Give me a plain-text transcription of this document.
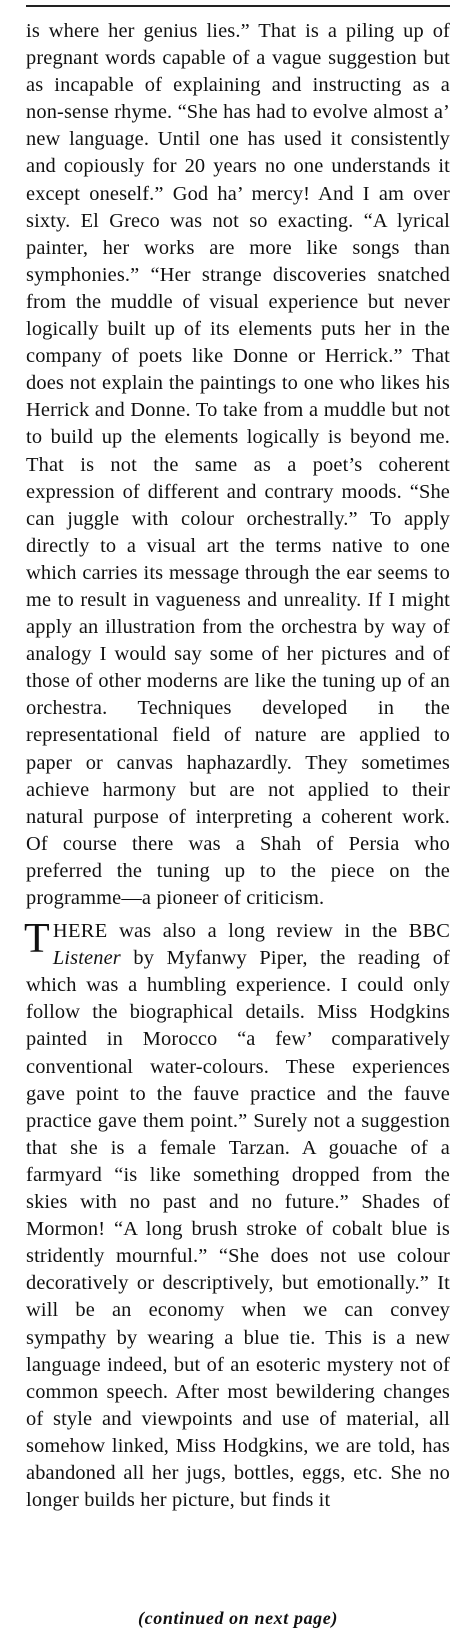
is where her genius lies.” That is a piling up of pregnant words capable of a vague suggestion but as incapable of explaining and instructing as a non-sense rhyme. “She has had to evolve almost a’ new language. Until one has used it consistently and copiously for 20 years no one understands it except oneself.” God ha’ mercy! And I am over sixty. El Greco was not so exacting. “A lyrical painter, her works are more like songs than symphonies.” “Her strange discoveries snatched from the muddle of visual experience but never logically built up of its elements puts her in the company of poets like Donne or Herrick.” That does not explain the paintings to one who likes his Herrick and Donne. To take from a muddle but not to build up the elements logically is beyond me. That is not the same as a poet’s coherent expression of different and contrary moods. “She can juggle with colour orchestrally.” To apply directly to a visual art the terms native to one which carries its message through the ear seems to me to result in vagueness and unreality. If I might apply an illustration from the orchestra by way of analogy I would say some of her pictures and of those of other moderns are like the tuning up of an orchestra. Techniques developed in the representational field of nature are applied to paper or canvas haphazardly. They sometimes achieve harmony but are not applied to their natural purpose of interpreting a coherent work. Of course there was a Shah of Persia who preferred the tuning up to the piece on the programme—a pioneer of criticism.

THERE was also a long review in the BBC Listener by Myfanwy Piper, the reading of which was a humbling experience. I could only follow the biographical details. Miss Hodgkins painted in Morocco “a few’ comparatively conventional water-colours. These experiences gave point to the fauve practice and the fauve practice gave them point.” Surely not a suggestion that she is a female Tarzan. A gouache of a farmyard “is like something dropped from the skies with no past and no future.” Shades of Mormon! “A long brush stroke of cobalt blue is stridently mournful.” “She does not use colour decoratively or descriptively, but emotionally.” It will be an economy when we can convey sympathy by wearing a blue tie. This is a new language indeed, but of an esoteric mystery not of common speech. After most bewildering changes of style and viewpoints and use of material, all somehow linked, Miss Hodgkins, we are told, has abandoned all her jugs, bottles, eggs, etc. She no longer builds her picture, but finds it

(continued on next page)
